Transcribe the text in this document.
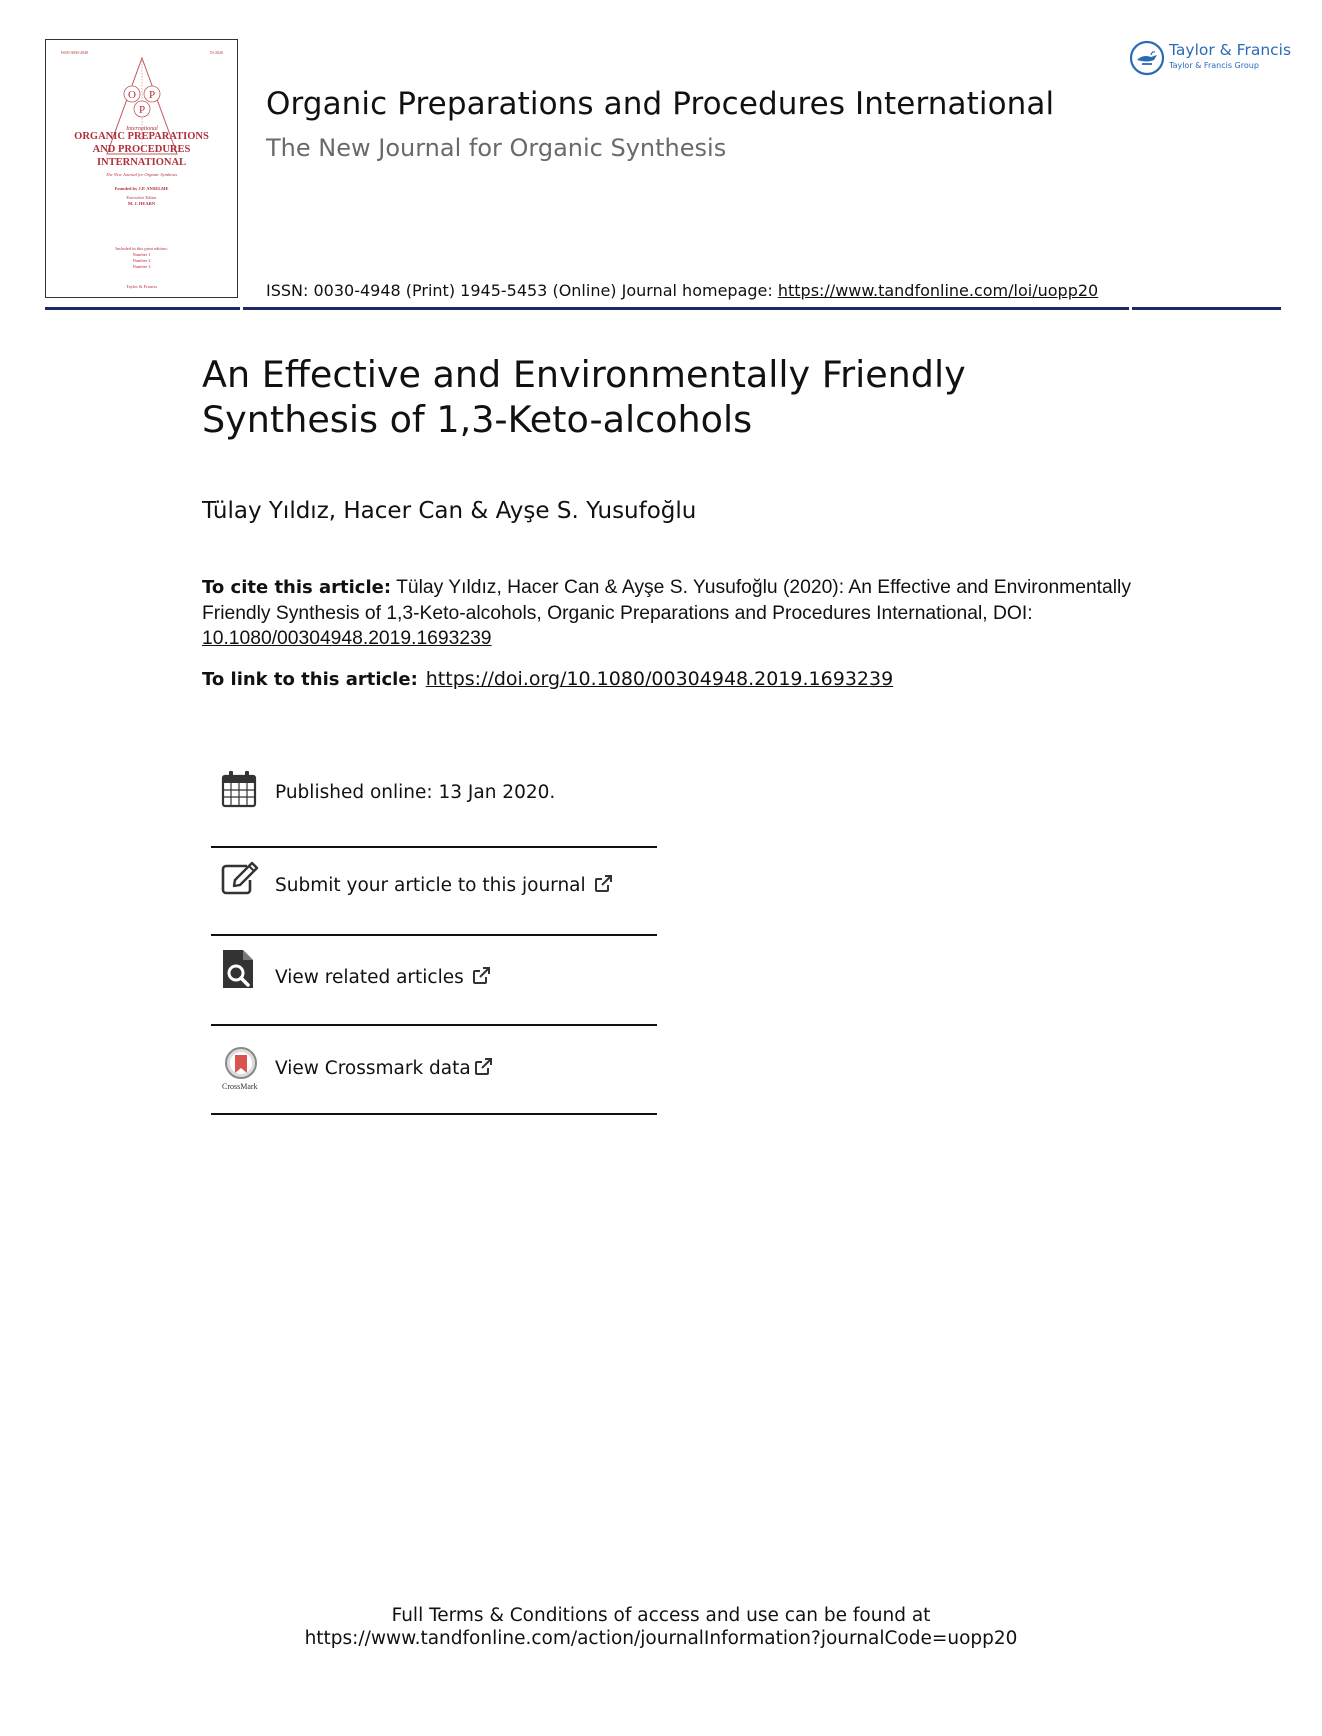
ISSN 0030-4948	53-2020
O P
P
International
ORGANIC PREPARATIONS
AND PROCEDURES
INTERNATIONAL
The New Journal for Organic Synthesis
Founded by J.P. ANSELME
Executive Editor
M. J. HEARN
Included in this print edition:
Number 1
Number 2
Number 3
Taylor & Francis
Organic Preparations and Procedures International
The New Journal for Organic Synthesis
ISSN: 0030-4948 (Print) 1945-5453 (Online) Journal homepage: https://www.tandfonline.com/loi/uopp20
Taylor & Francis
Taylor & Francis Group
An Effective and Environmentally Friendly
Synthesis of 1,3-Keto-alcohols
Tülay Yıldız, Hacer Can & Ayşe S. Yusufoğlu
To cite this article: Tülay Yıldız, Hacer Can & Ayşe S. Yusufoğlu (2020): An Effective and Environmentally Friendly Synthesis of 1,3-Keto-alcohols, Organic Preparations and Procedures International, DOI: 10.1080/00304948.2019.1693239
To link to this article: https://doi.org/10.1080/00304948.2019.1693239
Published online: 13 Jan 2020.
Submit your article to this journal
View related articles
CrossMark
View Crossmark data
Full Terms & Conditions of access and use can be found at
https://www.tandfonline.com/action/journalInformation?journalCode=uopp20
